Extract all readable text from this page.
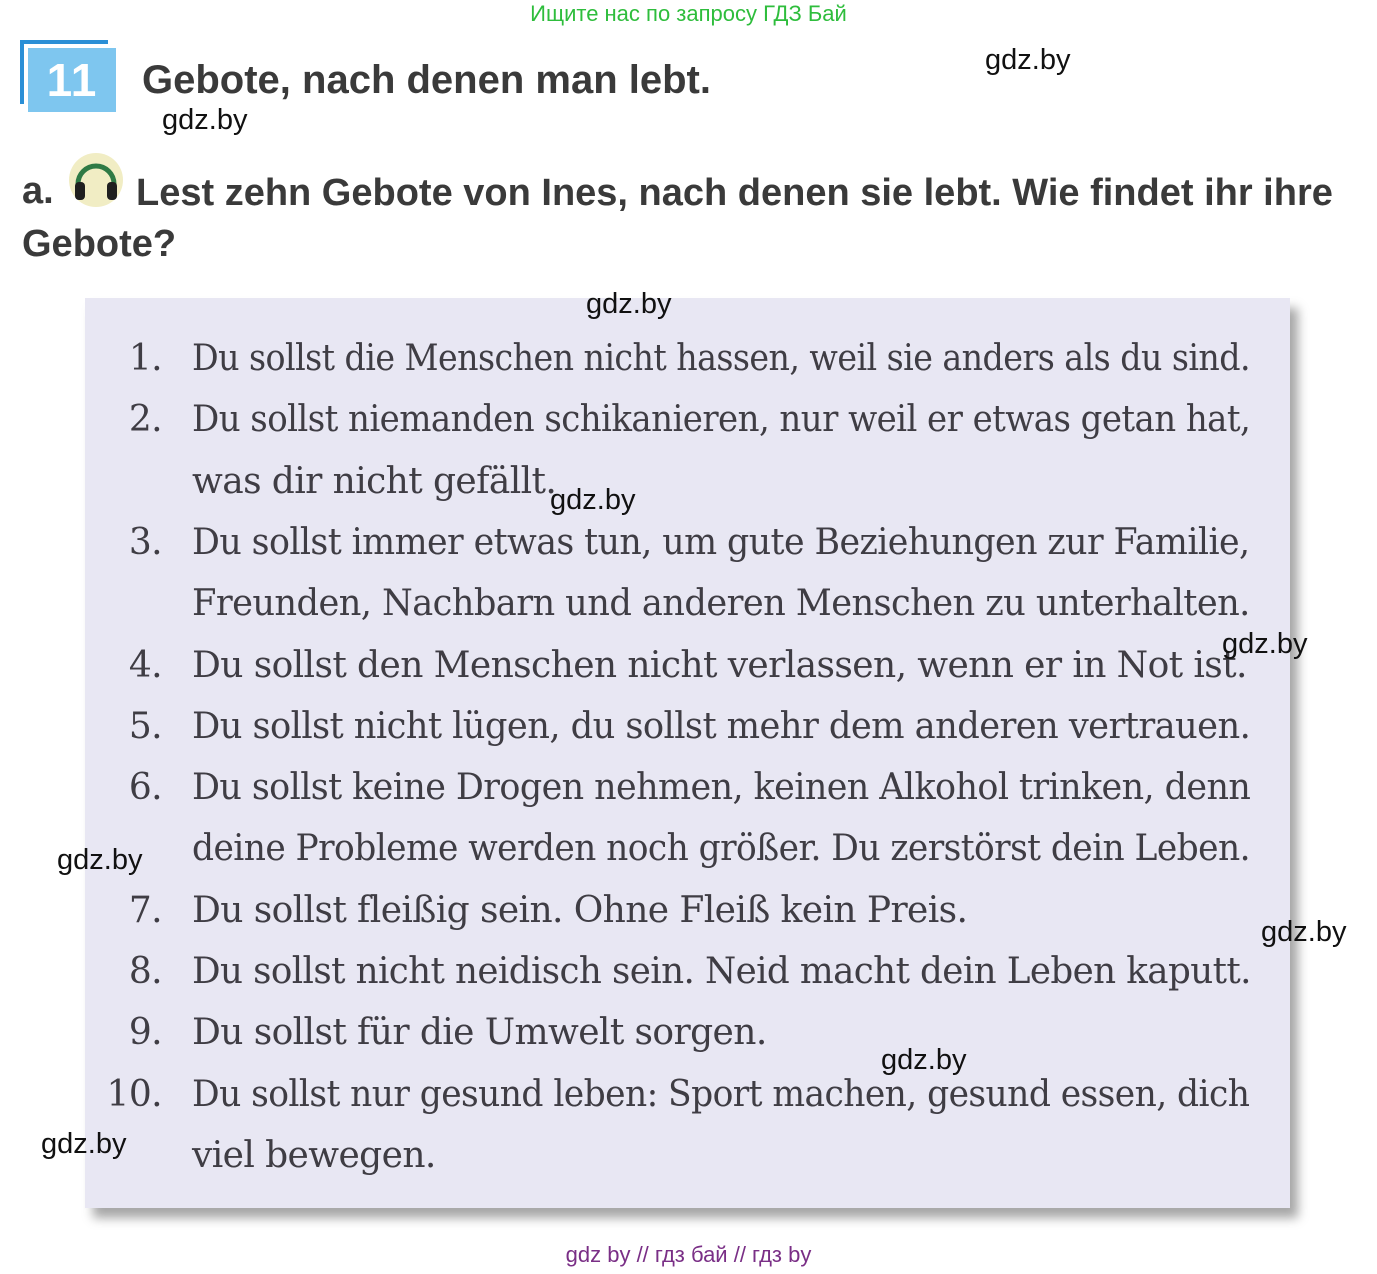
Ищите нас по запросу ГДЗ Бай
11	Gebote, nach denen man lebt.
a.	Lest zehn Gebote von Ines, nach denen sie lebt. Wie findet ihr ihre Gebote?
1. Du sollst die Menschen nicht hassen, weil sie anders als du sind.
2. Du sollst niemanden schikanieren, nur weil er etwas getan hat,
was dir nicht gefällt.
3. Du sollst immer etwas tun, um gute Beziehungen zur Familie,
Freunden, Nachbarn und anderen Menschen zu unterhalten.
4. Du sollst den Menschen nicht verlassen, wenn er in Not ist.
5. Du sollst nicht lügen, du sollst mehr dem anderen vertrauen.
6. Du sollst keine Drogen nehmen, keinen Alkohol trinken, denn
deine Probleme werden noch größer. Du zerstörst dein Leben.
7. Du sollst fleißig sein. Ohne Fleiß kein Preis.
8. Du sollst nicht neidisch sein. Neid macht dein Leben kaputt.
9. Du sollst für die Umwelt sorgen.
10. Du sollst nur gesund leben: Sport machen, gesund essen, dich
viel bewegen.
gdz.by
gdz.by
gdz.by
gdz.by
gdz.by
gdz.by
gdz.by
gdz.by
gdz.by
gdz by // гдз бай // гдз by
